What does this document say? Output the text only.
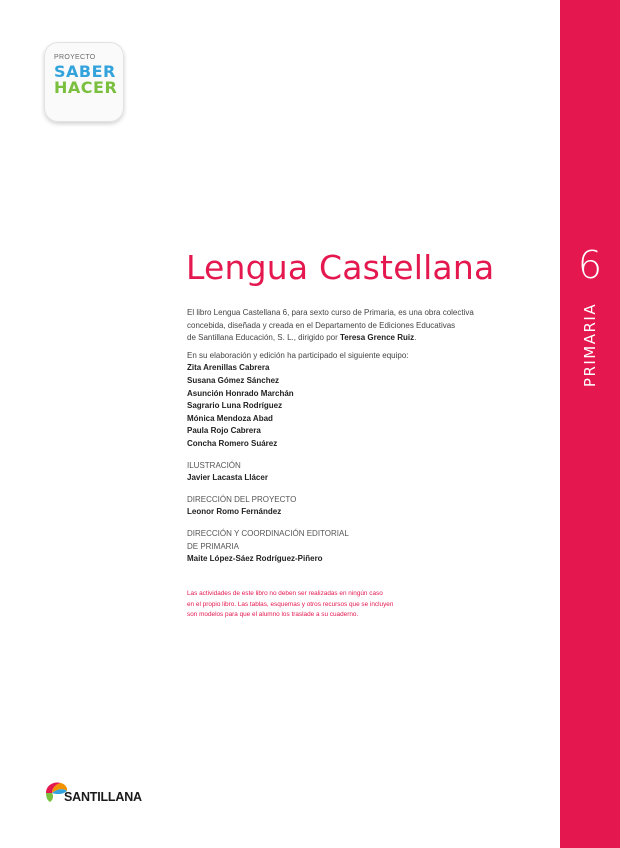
6
PRIMARIA
PROYECTO
SABER
HACER
Lengua Castellana

El libro Lengua Castellana 6, para sexto curso de Primaria, es una obra colectiva

concebida, diseñada y creada en el Departamento de Ediciones Educativas

de Santillana Educación, S. L., dirigido por Teresa Grence Ruiz.

En su elaboración y edición ha participado el siguiente equipo:

Zita Arenillas Cabrera

Susana Gómez Sánchez

Asunción Honrado Marchán

Sagrario Luna Rodríguez

Mónica Mendoza Abad

Paula Rojo Cabrera

Concha Romero Suárez

ILUSTRACIÓN

Javier Lacasta Llácer

DIRECCIÓN DEL PROYECTO

Leonor Romo Fernández

DIRECCIÓN Y COORDINACIÓN EDITORIAL

DE PRIMARIA

Maite López-Sáez Rodríguez-Piñero

Las actividades de este libro no deben ser realizadas en ningún caso
en el propio libro. Las tablas, esquemas y otros recursos que se incluyen
son modelos para que el alumno los traslade a su cuaderno.
SANTILLANA
